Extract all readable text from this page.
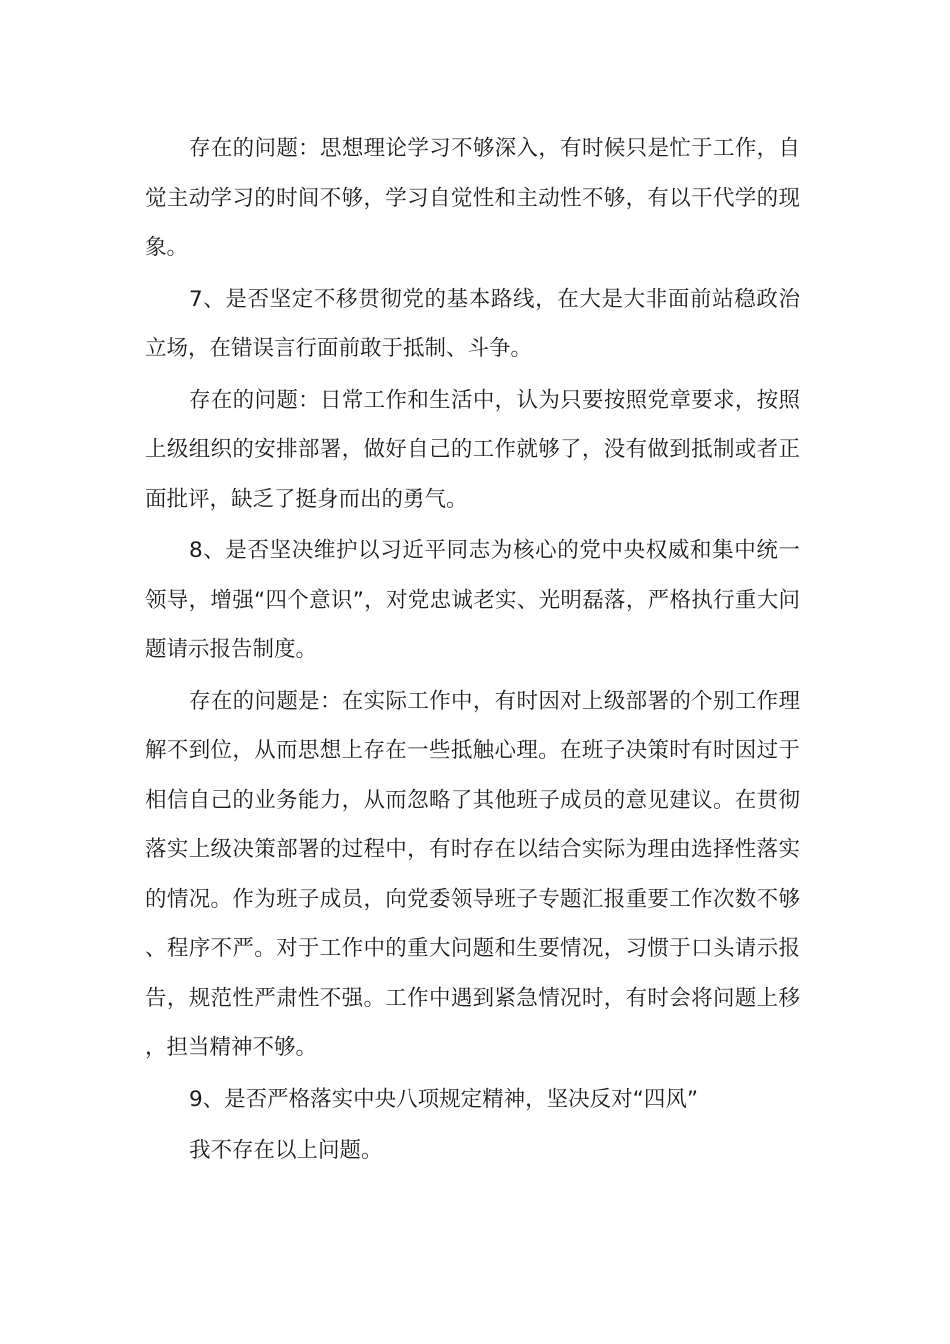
存在的问题：思想理论学习不够深入，有时候只是忙于工作，自觉主动学习的时间不够，学习自觉性和主动性不够，有以干代学的现象。

7、是否坚定不移贯彻党的基本路线，在大是大非面前站稳政治立场，在错误言行面前敢于抵制、斗争。

存在的问题：日常工作和生活中，认为只要按照党章要求，按照上级组织的安排部署，做好自己的工作就够了，没有做到抵制或者正面批评，缺乏了挺身而出的勇气。

8、是否坚决维护以习近平同志为核心的党中央权威和集中统一领导，增强“四个意识”，对党忠诚老实、光明磊落，严格执行重大问题请示报告制度。

存在的问题是：在实际工作中，有时因对上级部署的个别工作理解不到位，从而思想上存在一些抵触心理。在班子决策时有时因过于相信自己的业务能力，从而忽略了其他班子成员的意见建议。在贯彻落实上级决策部署的过程中，有时存在以结合实际为理由选择性落实的情况。作为班子成员，向党委领导班子专题汇报重要工作次数不够、程序不严。对于工作中的重大问题和生要情况，习惯于口头请示报告，规范性严肃性不强。工作中遇到紧急情况时，有时会将问题上移，担当精神不够。

9、是否严格落实中央八项规定精神，坚决反对“四风”

我不存在以上问题。
